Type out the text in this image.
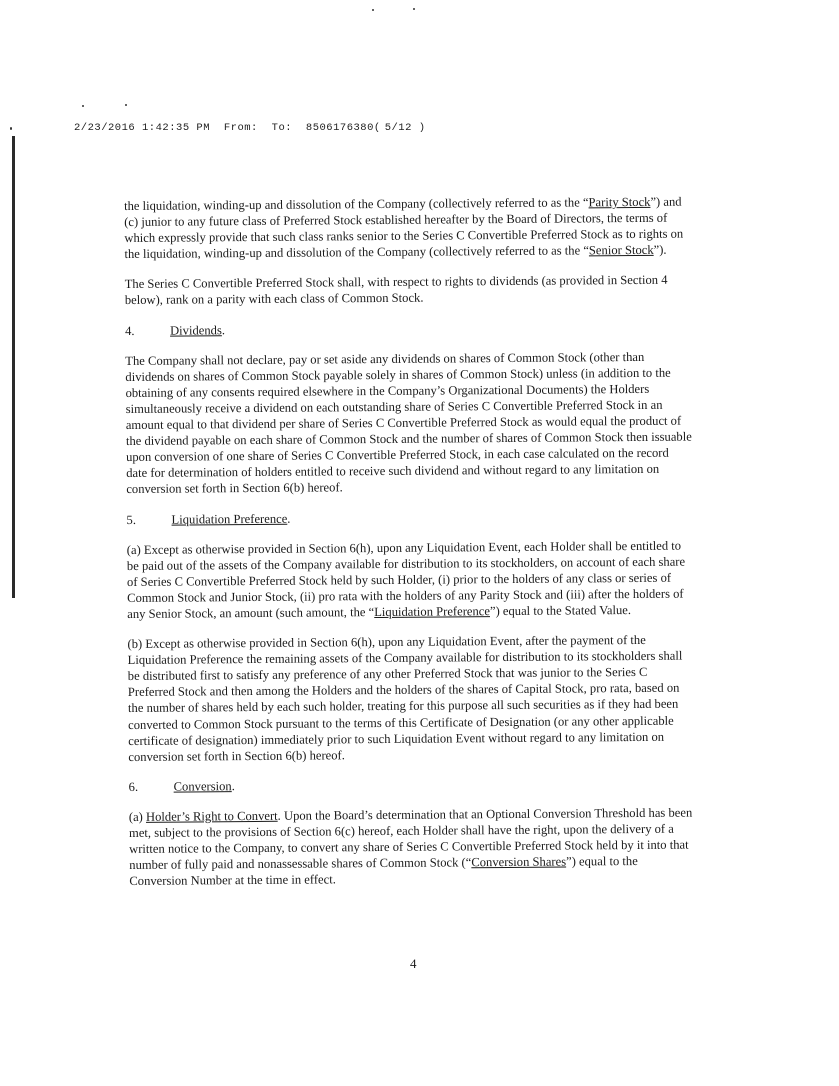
2/23/2016 1:42:35 PM From: To: 8506176380( 5/12 )

the liquidation, winding-up and dissolution of the Company (collectively referred to as the “Parity Stock”) and (c) junior to any future class of Preferred Stock established hereafter by the Board of Directors, the terms of which expressly provide that such class ranks senior to the Series C Convertible Preferred Stock as to rights on the liquidation, winding-up and dissolution of the Company (collectively referred to as the “Senior Stock”).

The Series C Convertible Preferred Stock shall, with respect to rights to dividends (as provided in Section 4 below), rank on a parity with each class of Common Stock.

4.	Dividends.

The Company shall not declare, pay or set aside any dividends on shares of Common Stock (other than dividends on shares of Common Stock payable solely in shares of Common Stock) unless (in addition to the obtaining of any consents required elsewhere in the Company’s Organizational Documents) the Holders simultaneously receive a dividend on each outstanding share of Series C Convertible Preferred Stock in an amount equal to that dividend per share of Series C Convertible Preferred Stock as would equal the product of the dividend payable on each share of Common Stock and the number of shares of Common Stock then issuable upon conversion of one share of Series C Convertible Preferred Stock, in each case calculated on the record date for determination of holders entitled to receive such dividend and without regard to any limitation on conversion set forth in Section 6(b) hereof.

5.	Liquidation Preference.

(a) Except as otherwise provided in Section 6(h), upon any Liquidation Event, each Holder shall be entitled to be paid out of the assets of the Company available for distribution to its stockholders, on account of each share of Series C Convertible Preferred Stock held by such Holder, (i) prior to the holders of any class or series of Common Stock and Junior Stock, (ii) pro rata with the holders of any Parity Stock and (iii) after the holders of any Senior Stock, an amount (such amount, the “Liquidation Preference”) equal to the Stated Value.

(b) Except as otherwise provided in Section 6(h), upon any Liquidation Event, after the payment of the Liquidation Preference the remaining assets of the Company available for distribution to its stockholders shall be distributed first to satisfy any preference of any other Preferred Stock that was junior to the Series C Preferred Stock and then among the Holders and the holders of the shares of Capital Stock, pro rata, based on the number of shares held by each such holder, treating for this purpose all such securities as if they had been converted to Common Stock pursuant to the terms of this Certificate of Designation (or any other applicable certificate of designation) immediately prior to such Liquidation Event without regard to any limitation on conversion set forth in Section 6(b) hereof.

6.	Conversion.

(a) Holder’s Right to Convert. Upon the Board’s determination that an Optional Conversion Threshold has been met, subject to the provisions of Section 6(c) hereof, each Holder shall have the right, upon the delivery of a written notice to the Company, to convert any share of Series C Convertible Preferred Stock held by it into that number of fully paid and nonassessable shares of Common Stock (“Conversion Shares”) equal to the Conversion Number at the time in effect.

4
